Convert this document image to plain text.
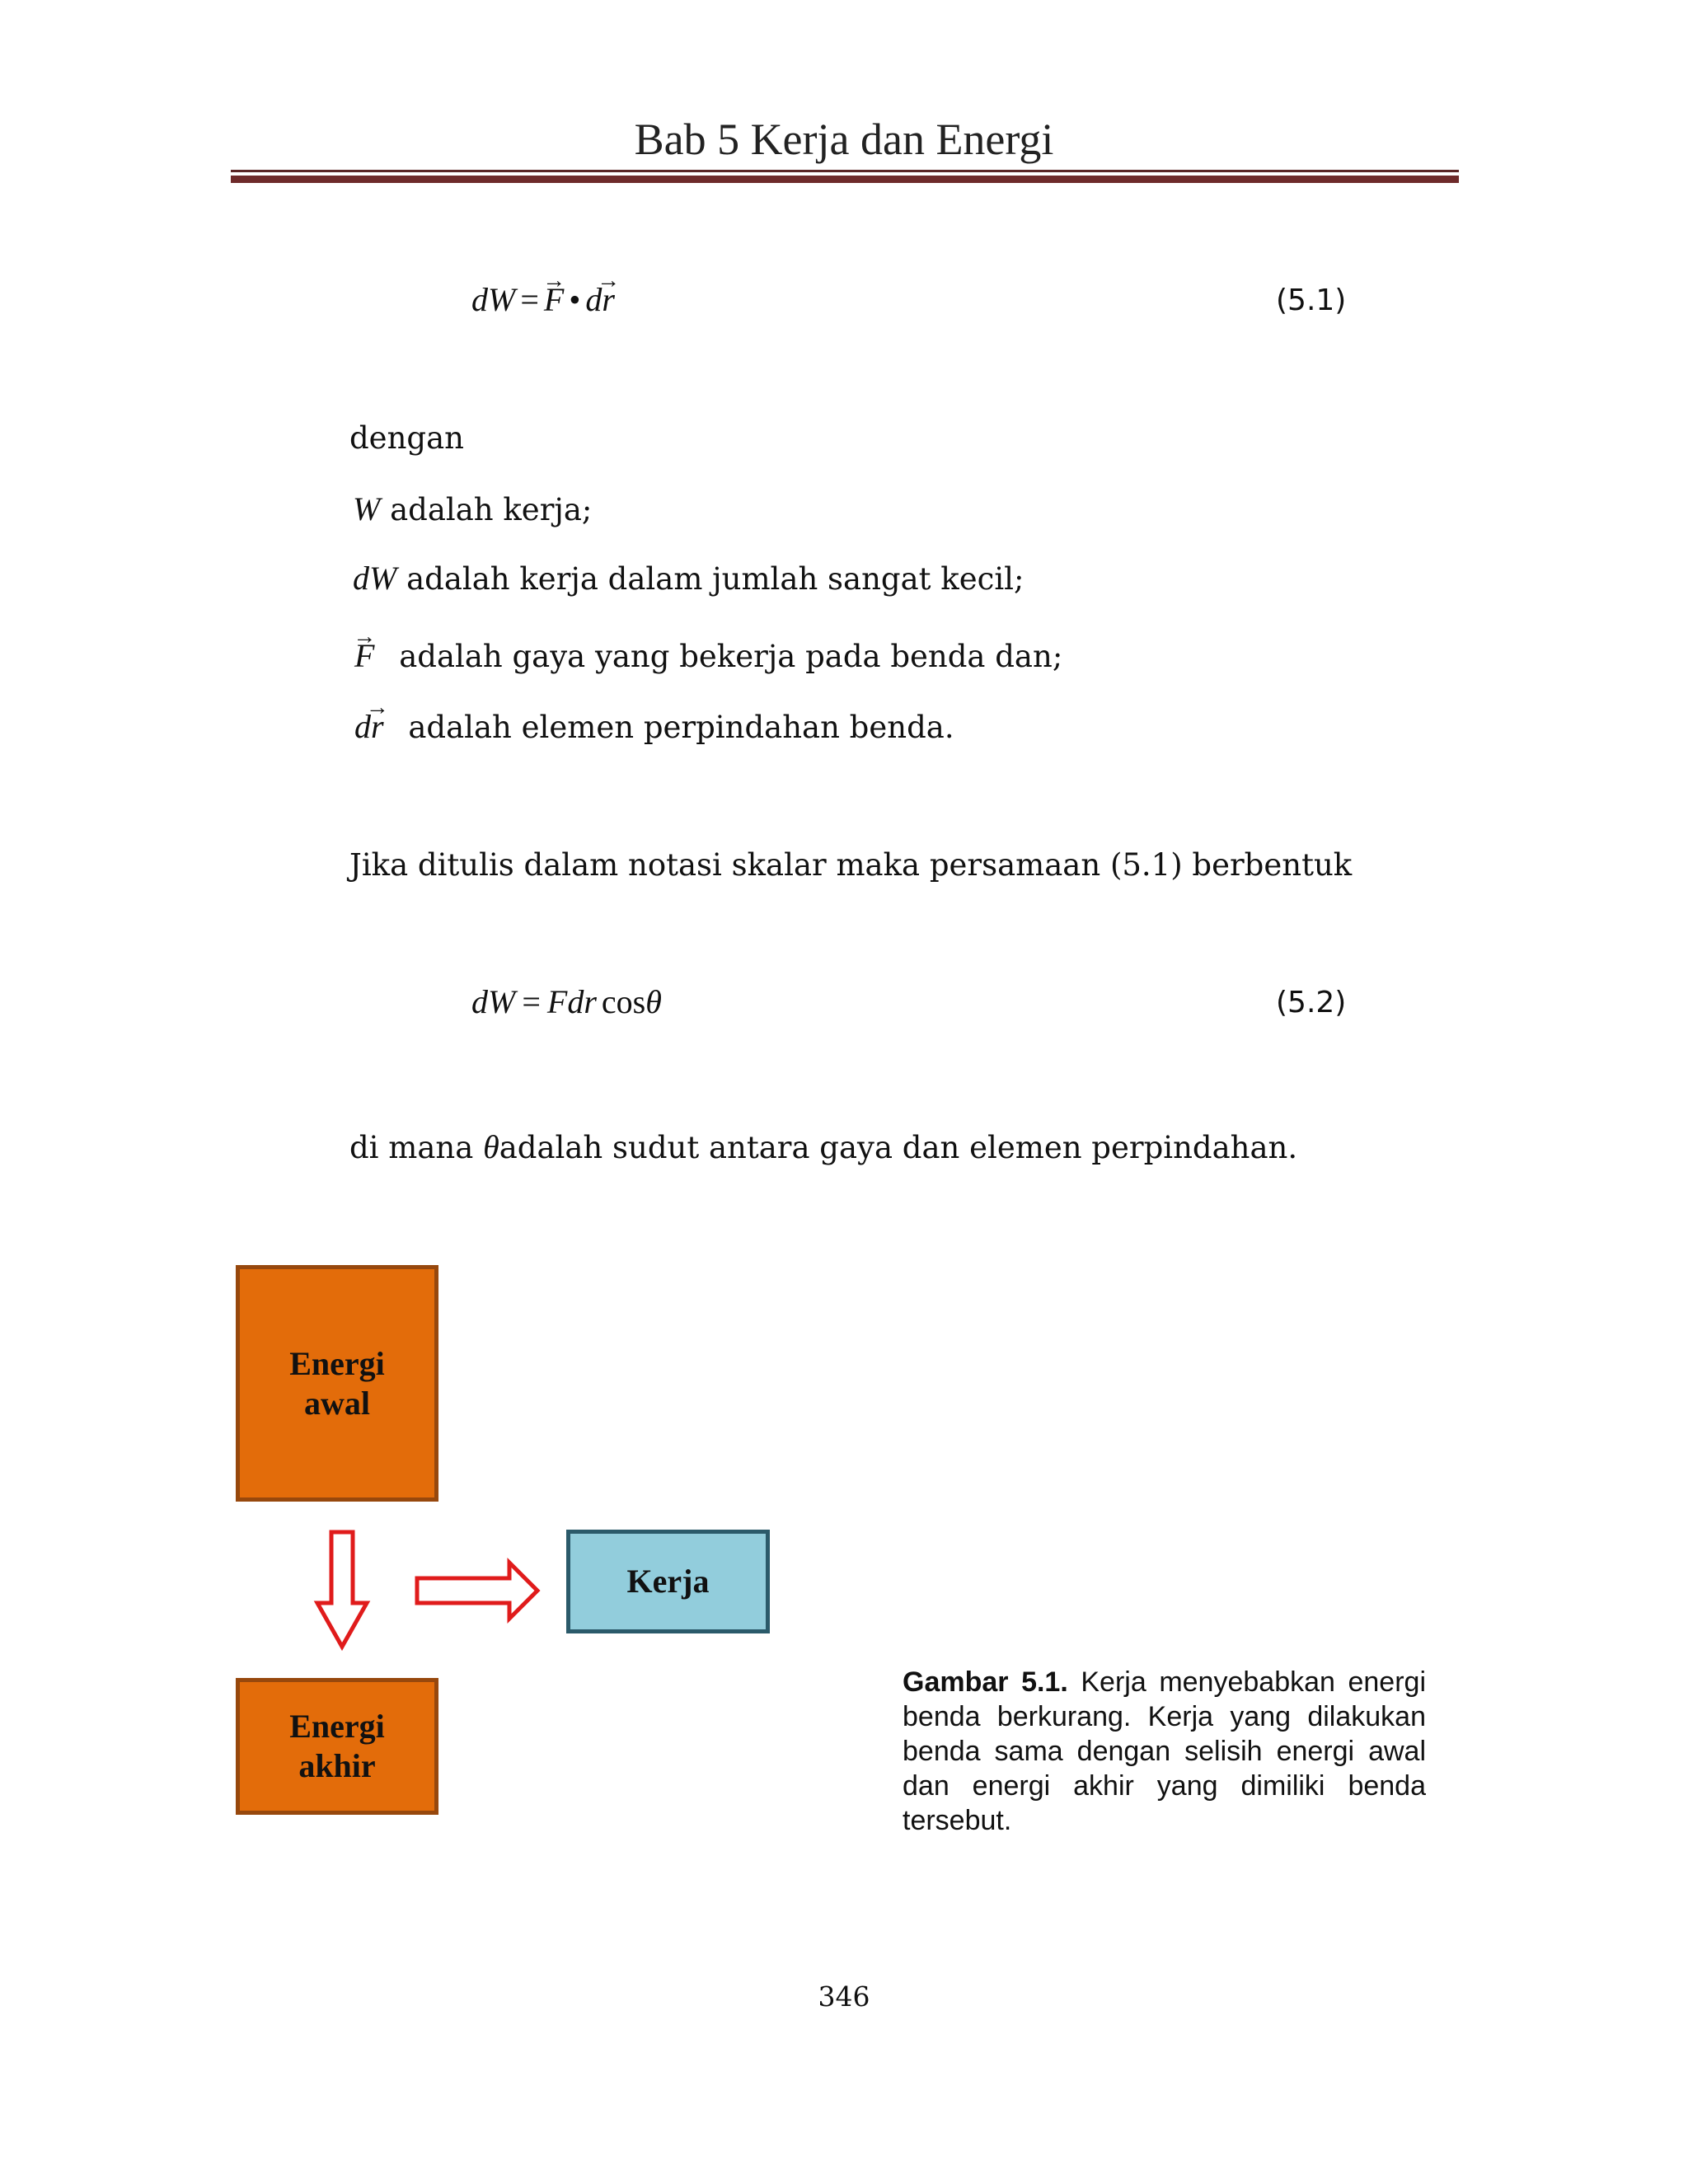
Bab 5 Kerja dan Energi
dW =→ F • d→ r	(5.1)
dengan
W adalah kerja;
dW adalah kerja dalam jumlah sangat kecil;
→ F adalah gaya yang bekerja pada benda dan;
d→ r adalah elemen perpindahan benda.
Jika ditulis dalam notasi skalar maka persamaan (5.1) berbentuk
dW = Fdr cosθ	(5.2)
di mana θadalah sudut antara gaya dan elemen perpindahan.
Energi
awal
Kerja
Energi
akhir
Gambar 5.1. Kerja menyebabkan energi benda berkurang. Kerja yang dilakukan benda sama dengan selisih energi awal dan energi akhir yang dimiliki benda tersebut.
346
